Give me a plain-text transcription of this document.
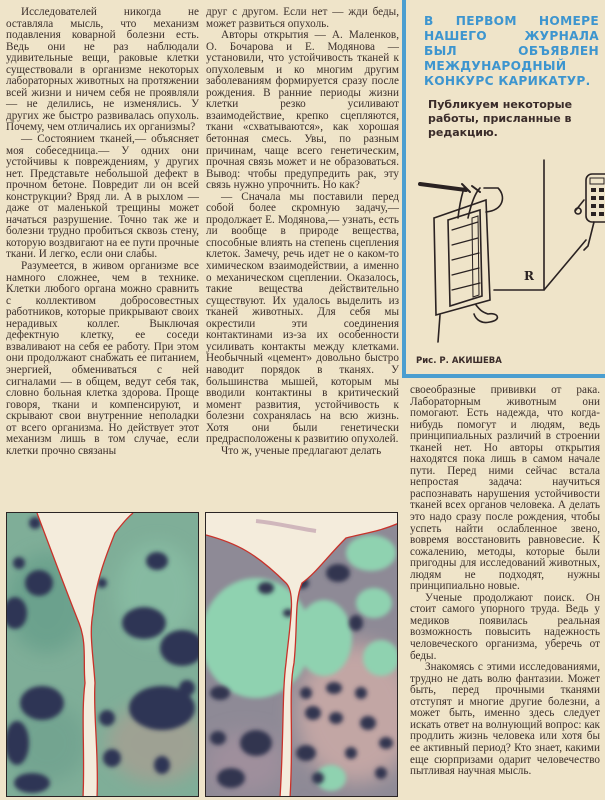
Исследователей никогда не оставляла мысль, что механизм подавления коварной болезни есть. Ведь они не раз наблюдали удивительные вещи, раковые клетки существовали в организме некоторых лабораторных животных на протяжении всей жизни и ничем себя не проявляли — не делились, не изменялись. У других же быстро развивалась опухоль. Почему, чем отличались их организмы?

— Состоянием тканей,— объясняет моя собеседница.— У одних они устойчивы к повреждениям, у других нет. Представьте небольшой дефект в прочном бетоне. Повредит ли он всей конструкции? Вряд ли. А в рыхлом — даже от маленькой трещины может начаться разрушение. Точно так же и болезни трудно пробиться сквозь стену, которую воздвигают на ее пути прочные ткани. И легко, если они слабы.

Разумеется, в живом организме все намного сложнее, чем в технике. Клетки любого органа можно сравнить с коллективом добросовестных работников, которые прикрывают своих нерадивых коллег. Выключая дефектную клетку, ее соседи взваливают на себя ее работу. При этом они продолжают снабжать ее питанием, энергией, обмениваться с ней сигналами — в общем, ведут себя так, словно больная клетка здорова. Проще говоря, ткани и компенсируют, и скрывают свои внутренние неполадки от всего организма. Но действует этот механизм лишь в том случае, если клетки прочно связаны

друг с другом. Если нет — жди беды, может развиться опухоль.

Авторы открытия — А. Маленков, О. Бочарова и Е. Модянова — установили, что устойчивость тканей к опухолевым и ко многим другим заболеваниям формируется сразу после рождения. В ранние периоды жизни клетки резко усиливают взаимодействие, крепко сцепляются, ткани «схватываются», как хорошая бетонная смесь. Увы, по разным причинам, чаще всего генетическим, прочная связь может и не образоваться. Вывод: чтобы предупредить рак, эту связь нужно упрочнить. Но как?

— Сначала мы поставили перед собой более скромную задачу,— продолжает Е. Модянова,— узнать, есть ли вообще в природе вещества, способные влиять на степень сцепления клеток. Замечу, речь идет не о каком-то химическом взаимодействии, а именно о механическом сцеплении. Оказалось, такие вещества действительно существуют. Их удалось выделить из тканей животных. Для себя мы окрестили эти соединения контактинами из-за их особенности усиливать контакты между клетками. Необычный «цемент» довольно быстро наводит порядок в тканях. У большинства мышей, которым мы вводили контактины в критический момент развития, устойчивость к болезни сохранялась на всю жизнь. Хотя они были генетически предрасположены к развитию опухолей.

Что ж, ученые предлагают делать

В ПЕРВОМ НОМЕРЕ НАШЕГО ЖУРНАЛА БЫЛ ОБЪЯВЛЕН МЕЖДУНАРОДНЫЙ КОНКУРС КАРИКАТУР.
Публикуем некоторые работы, присланные в редакцию.
R
Рис. Р. АКИШЕВА

своеобразные прививки от рака. Лабораторным животным они помогают. Есть надежда, что когда-нибудь помогут и людям, ведь принципиальных различий в строении тканей нет. Но авторы открытия находятся пока лишь в самом начале пути. Перед ними сейчас встала непростая задача: научиться распознавать нарушения устойчивости тканей всех органов человека. А делать это надо сразу после рождения, чтобы успеть найти ослабленное звено, вовремя восстановить равновесие. К сожалению, методы, которые были пригодны для исследований животных, людям не подходят, нужны принципиально новые.

Ученые продолжают поиск. Он стоит самого упорного труда. Ведь у медиков появилась реальная возможность повысить надежность человеческого организма, уберечь от беды.

Знакомясь с этими исследованиями, трудно не дать волю фантазии. Может быть, перед прочными тканями отступят и многие другие болезни, а может быть, именно здесь следует искать ответ на волнующий вопрос: как продлить жизнь человека или хотя бы ее активный период? Кто знает, какими еще сюрпризами одарит человечество пытливая научная мысль.
